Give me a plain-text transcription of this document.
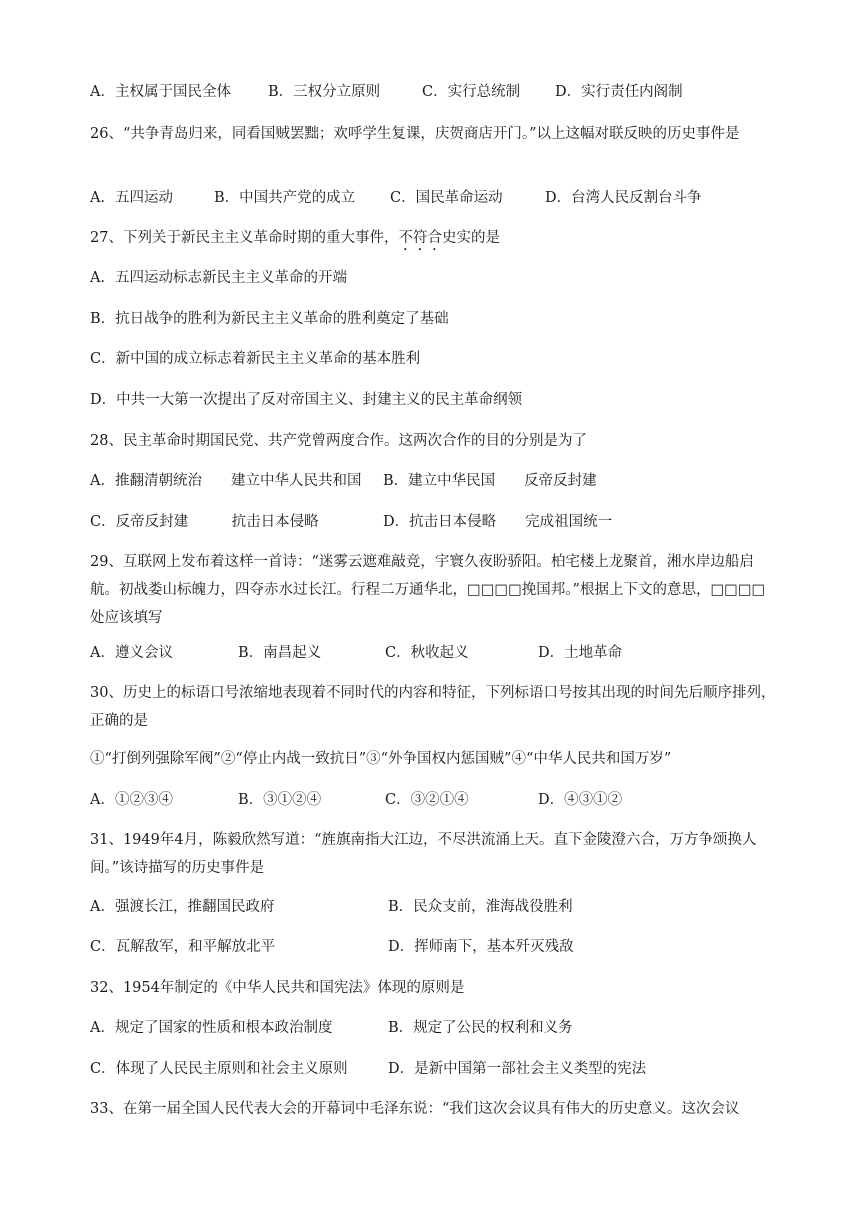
A．主权属于国民全体	B．三权分立原则	C．实行总统制 D．实行责任内阁制
26、“共争青岛归来，同看国贼罢黜；欢呼学生复课，庆贺商店开门。”以上这幅对联反映的历史事件是
A．五四运动	B．中国共产党的成立 C．国民革命运动	D．台湾人民反割台斗争
27、下列关于新民主主义革命时期的重大事件，不符合史实的是
A．五四运动标志新民主主义革命的开端
B．抗日战争的胜利为新民主主义革命的胜利奠定了基础
C．新中国的成立标志着新民主主义革命的基本胜利
D．中共一大第一次提出了反对帝国主义、封建主义的民主革命纲领
28、民主革命时期国民党、共产党曾两度合作。这两次合作的目的分别是为了
A．推翻清朝统治　　建立中华人民共和国 B．建立中华民国　　反帝反封建
C．反帝反封建　　　抗击日本侵略	D．抗击日本侵略　　完成祖国统一
29、互联网上发布着这样一首诗：“迷雾云遮难敲竞，宇寰久夜盼骄阳。柏宅楼上龙聚首，湘水岸边船启航。初战娄山标魄力，四夺赤水过长江。行程二万通华北，□□□□挽国邦。”根据上下文的意思，□□□□处应该填写
A．遵义会议	B．南昌起义	C．秋收起义	D．土地革命
30、历史上的标语口号浓缩地表现着不同时代的内容和特征，下列标语口号按其出现的时间先后顺序排列，正确的是
①“打倒列强除军阀”②“停止内战一致抗日”③“外争国权内惩国贼”④“中华人民共和国万岁”
A．①②③④	B．③①②④	C．③②①④	D．④③①②
31、1949年4月，陈毅欣然写道：“旌旗南指大江边，不尽洪流涌上天。直下金陵澄六合，万方争颂换人间。”该诗描写的历史事件是
A．强渡长江，推翻国民政府	B．民众支前，淮海战役胜利
C．瓦解敌军，和平解放北平	D．挥师南下，基本歼灭残敌
32、1954年制定的《中华人民共和国宪法》体现的原则是
A．规定了国家的性质和根本政治制度	B．规定了公民的权利和义务
C．体现了人民民主原则和社会主义原则	D．是新中国第一部社会主义类型的宪法
33、在第一届全国人民代表大会的开幕词中毛泽东说：“我们这次会议具有伟大的历史意义。这次会议
